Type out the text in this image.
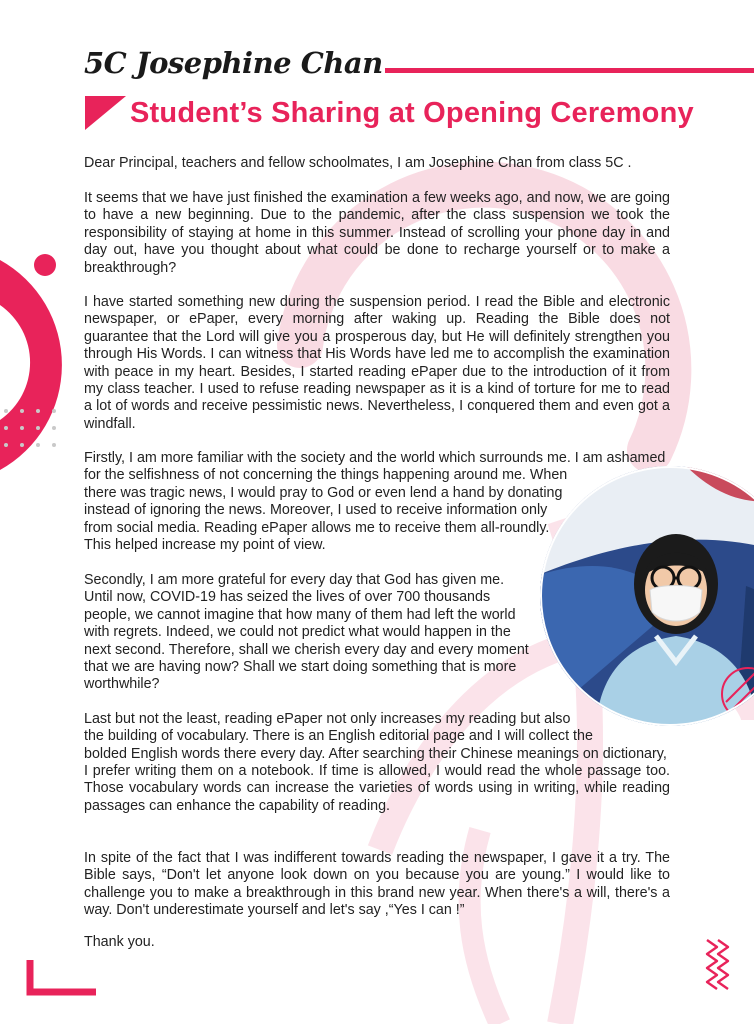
5C Josephine Chan
Student’s Sharing at Opening Ceremony
Dear Principal, teachers and fellow schoolmates, I am Josephine Chan from class 5C .
It seems that we have just finished the examination a few weeks ago, and now, we are going to have a new beginning. Due to the pandemic, after the class suspension we took the responsibility of staying at home in this summer. Instead of scrolling your phone day in and day out, have you thought about what could be done to recharge yourself or to make a breakthrough?
I have started something new during the suspension period. I read the Bible and electronic newspaper, or ePaper, every morning after waking up. Reading the Bible does not guarantee that the Lord will give you a prosperous day, but He will definitely strengthen you through His Words. I can witness that His Words have led me to accomplish the examination with peace in my heart. Besides, I started reading ePaper due to the introduction of it from my class teacher. I used to refuse reading newspaper as it is a kind of torture for me to read a lot of words and receive pessimistic news. Nevertheless, I conquered them and even got a windfall.
Firstly, I am more familiar with the society and the world which surrounds me. I am ashamed
for the selfishness of not concerning the things happening around me. When
there was tragic news, I would pray to God or even lend a hand by donating
instead of ignoring the news. Moreover, I used to receive information only
from social media. Reading ePaper allows me to receive them all-roundly.
This helped increase my point of view.
Secondly, I am more grateful for every day that God has given me.
Until now, COVID-19 has seized the lives of over 700 thousands
people, we cannot imagine that how many of them had left the world
with regrets. Indeed, we could not predict what would happen in the
next second. Therefore, shall we cherish every day and every moment
that we are having now? Shall we start doing something that is more
worthwhile?
Last but not the least, reading ePaper not only increases my reading but also
the building of vocabulary. There is an English editorial page and I will collect the
bolded English words there every day. After searching their Chinese meanings on dictionary,
I prefer writing them on a notebook. If time is allowed, I would read the whole passage too. Those vocabulary words can increase the varieties of words using in writing, while reading passages can enhance the capability of reading.
In spite of the fact that I was indifferent towards reading the newspaper, I gave it a try. The Bible says, “Don't let anyone look down on you because you are young.” I would like to challenge you to make a breakthrough in this brand new year. When there's a will, there's a way. Don't underestimate yourself and let's say ,“Yes I can !”
Thank you.
